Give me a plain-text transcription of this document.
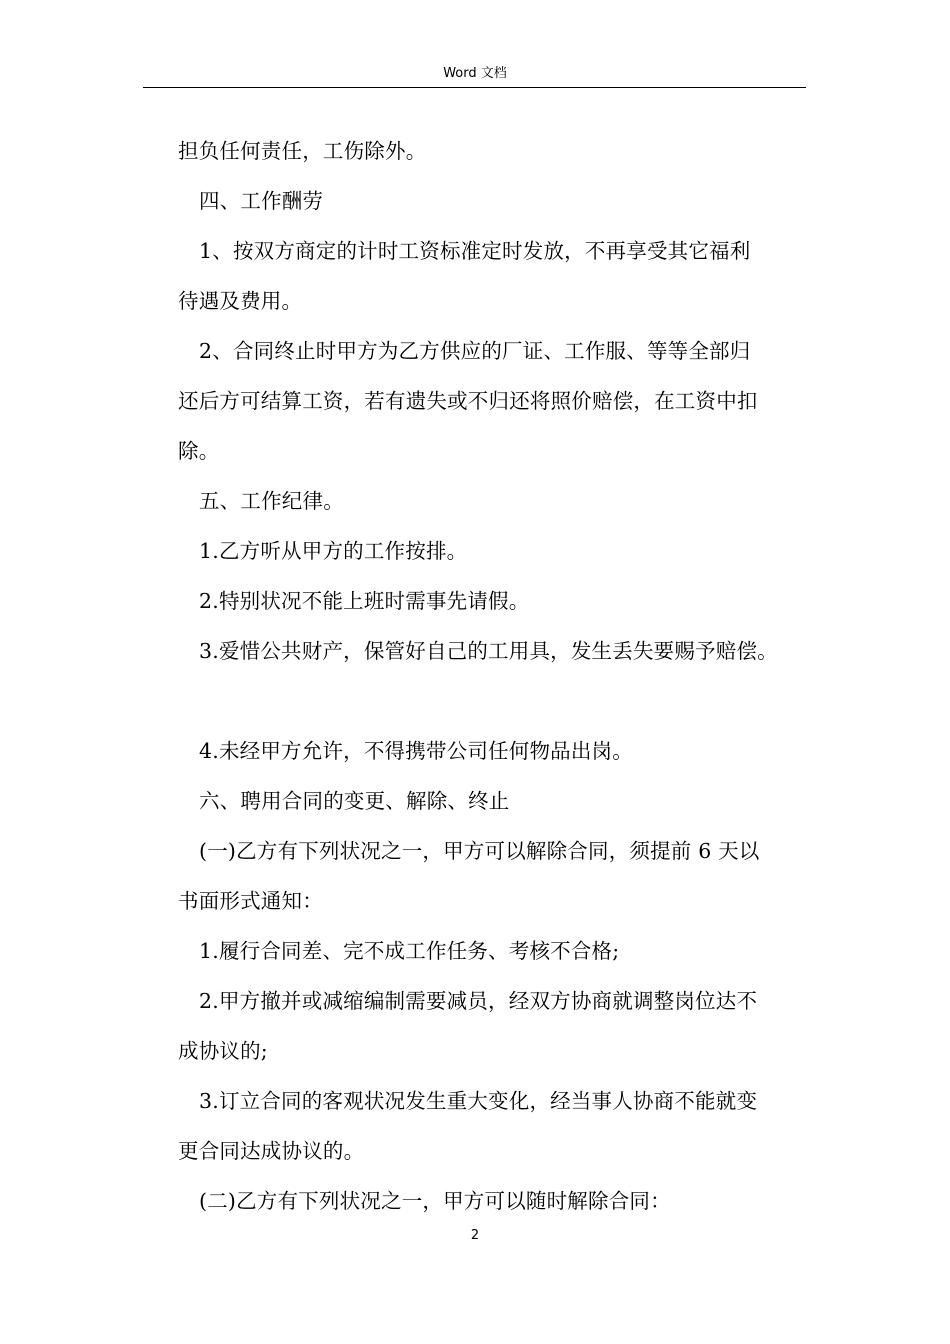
Word 文档
担负任何责任，工伤除外。
四、工作酬劳
1、按双方商定的计时工资标准定时发放，不再享受其它福利
待遇及费用。
2、合同终止时甲方为乙方供应的厂证、工作服、等等全部归
还后方可结算工资，若有遗失或不归还将照价赔偿，在工资中扣
除。
五、工作纪律。
1.乙方听从甲方的工作按排。
2.特别状况不能上班时需事先请假。
3.爱惜公共财产，保管好自己的工用具，发生丢失要赐予赔偿。
4.未经甲方允许，不得携带公司任何物品出岗。
六、聘用合同的变更、解除、终止
(一)乙方有下列状况之一，甲方可以解除合同，须提前 6 天以
书面形式通知：
1.履行合同差、完不成工作任务、考核不合格;
2.甲方撤并或减缩编制需要减员，经双方协商就调整岗位达不
成协议的;
3.订立合同的客观状况发生重大变化，经当事人协商不能就变
更合同达成协议的。
(二)乙方有下列状况之一，甲方可以随时解除合同：
2
